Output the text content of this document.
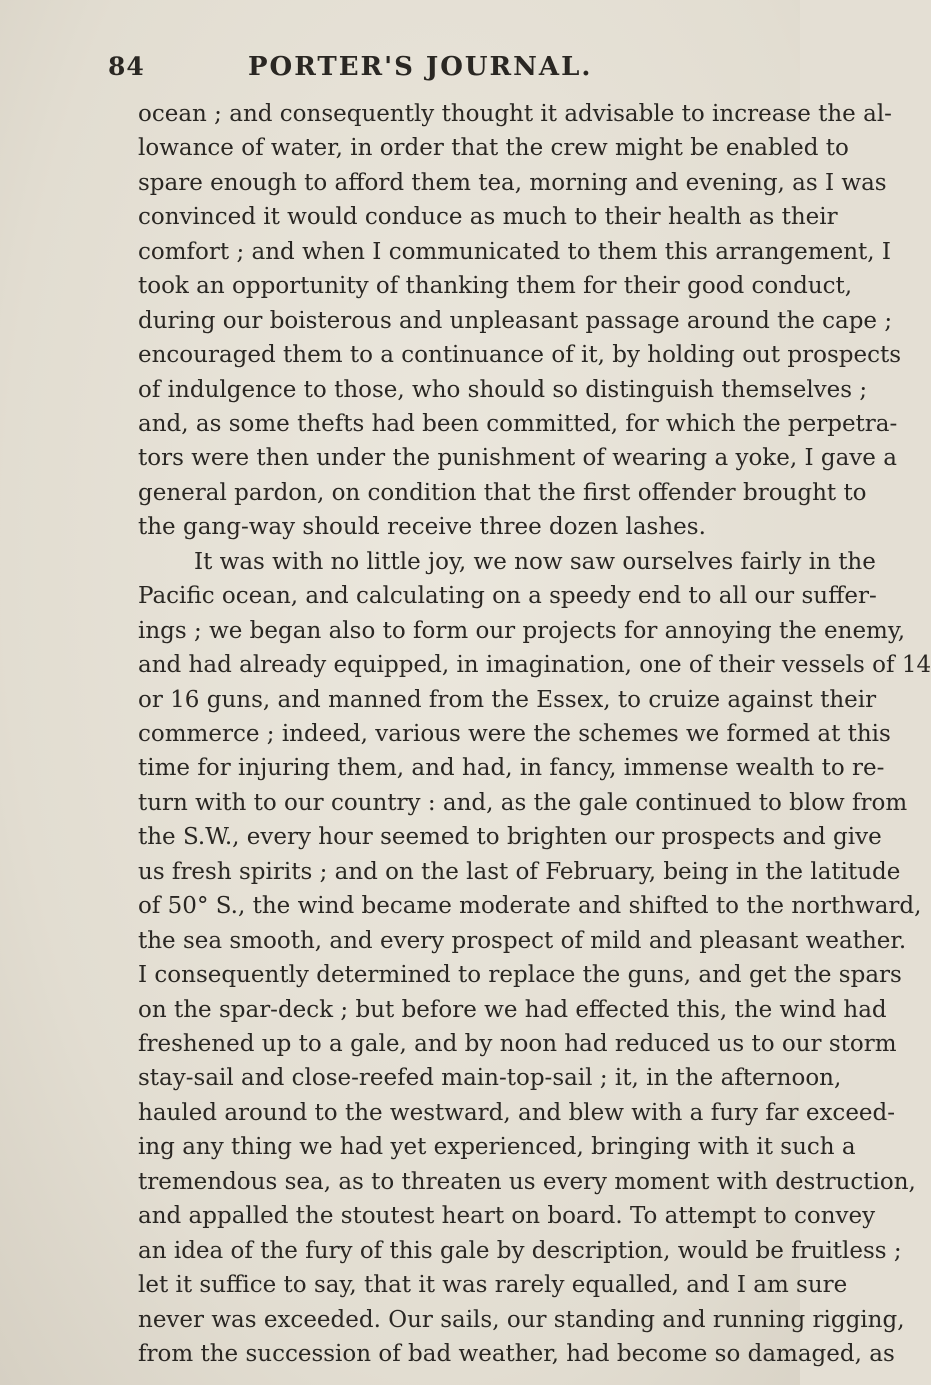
84	PORTER'S JOURNAL.
ocean ; and consequently thought it advisable to increase the al-
lowance of water, in order that the crew might be enabled to
spare enough to afford them tea, morning and evening, as I was
convinced it would conduce as much to their health as their
comfort ; and when I communicated to them this arrangement, I
took an opportunity of thanking them for their good conduct,
during our boisterous and unpleasant passage around the cape ;
encouraged them to a continuance of it, by holding out prospects
of indulgence to those, who should so distinguish themselves ;
and, as some thefts had been committed, for which the perpetra-
tors were then under the punishment of wearing a yoke, I gave a
general pardon, on condition that the first offender brought to
the gang-way should receive three dozen lashes.
It was with no little joy, we now saw ourselves fairly in the
Pacific ocean, and calculating on a speedy end to all our suffer-
ings ; we began also to form our projects for annoying the enemy,
and had already equipped, in imagination, one of their vessels of 14
or 16 guns, and manned from the Essex, to cruize against their
commerce ; indeed, various were the schemes we formed at this
time for injuring them, and had, in fancy, immense wealth to re-
turn with to our country : and, as the gale continued to blow from
the S.W., every hour seemed to brighten our prospects and give
us fresh spirits ; and on the last of February, being in the latitude
of 50° S., the wind became moderate and shifted to the northward,
the sea smooth, and every prospect of mild and pleasant weather.
I consequently determined to replace the guns, and get the spars
on the spar-deck ; but before we had effected this, the wind had
freshened up to a gale, and by noon had reduced us to our storm
stay-sail and close-reefed main-top-sail ; it, in the afternoon,
hauled around to the westward, and blew with a fury far exceed-
ing any thing we had yet experienced, bringing with it such a
tremendous sea, as to threaten us every moment with destruction,
and appalled the stoutest heart on board. To attempt to convey
an idea of the fury of this gale by description, would be fruitless ;
let it suffice to say, that it was rarely equalled, and I am sure
never was exceeded. Our sails, our standing and running rigging,
from the succession of bad weather, had become so damaged, as
